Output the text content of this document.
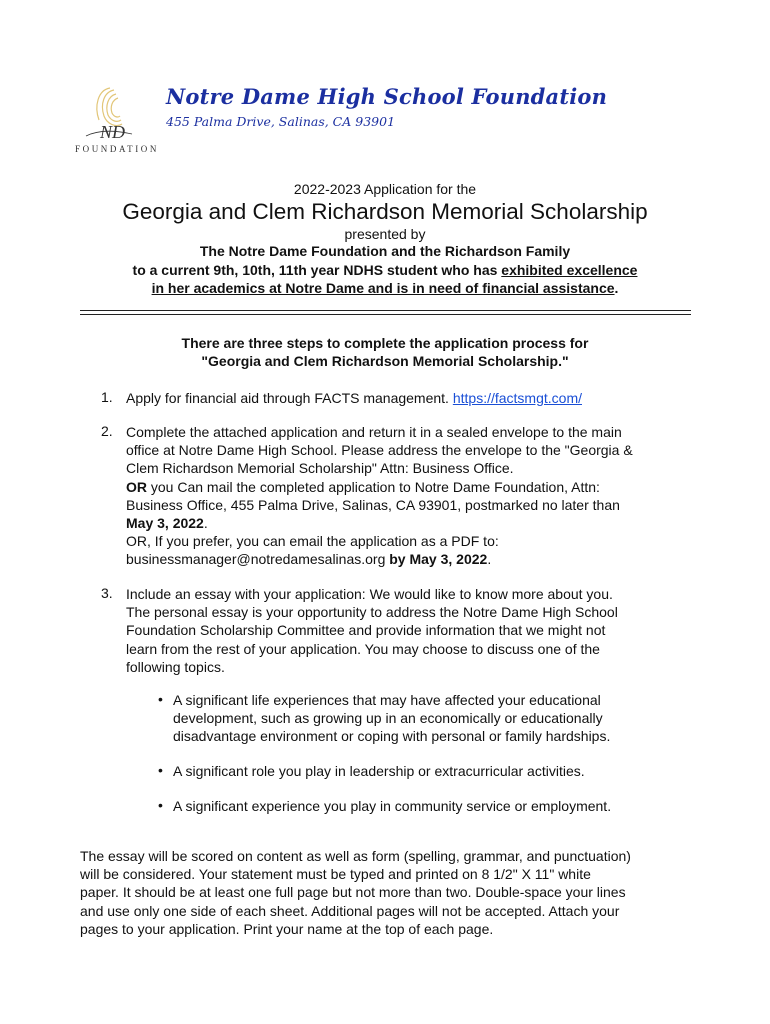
ND
FOUNDATION
Notre Dame High School Foundation
455 Palma Drive, Salinas, CA 93901
2022-2023 Application for the
Georgia and Clem Richardson Memorial Scholarship
presented by
The Notre Dame Foundation and the Richardson Family
to a current 9th, 10th, 11th year NDHS student who has exhibited excellence
in her academics at Notre Dame and is in need of financial assistance.
There are three steps to complete the application process for
"Georgia and Clem Richardson Memorial Scholarship."
1. Apply for financial aid through FACTS management. https://factsmgt.com/
2. Complete the attached application and return it in a sealed envelope to the main
office at Notre Dame High School. Please address the envelope to the "Georgia &
Clem Richardson Memorial Scholarship" Attn: Business Office.
OR you Can mail the completed application to Notre Dame Foundation, Attn:
Business Office, 455 Palma Drive, Salinas, CA 93901, postmarked no later than
May 3, 2022.
OR, If you prefer, you can email the application as a PDF to:
businessmanager@notredamesalinas.org by May 3, 2022.
3. Include an essay with your application: We would like to know more about you.
The personal essay is your opportunity to address the Notre Dame High School
Foundation Scholarship Committee and provide information that we might not
learn from the rest of your application. You may choose to discuss one of the
following topics.
• A significant life experiences that may have affected your educational
development, such as growing up in an economically or educationally
disadvantage environment or coping with personal or family hardships.
• A significant role you play in leadership or extracurricular activities.
• A significant experience you play in community service or employment.
The essay will be scored on content as well as form (spelling, grammar, and punctuation)
will be considered. Your statement must be typed and printed on 8 1/2" X 11" white
paper. It should be at least one full page but not more than two. Double-space your lines
and use only one side of each sheet. Additional pages will not be accepted. Attach your
pages to your application. Print your name at the top of each page.
